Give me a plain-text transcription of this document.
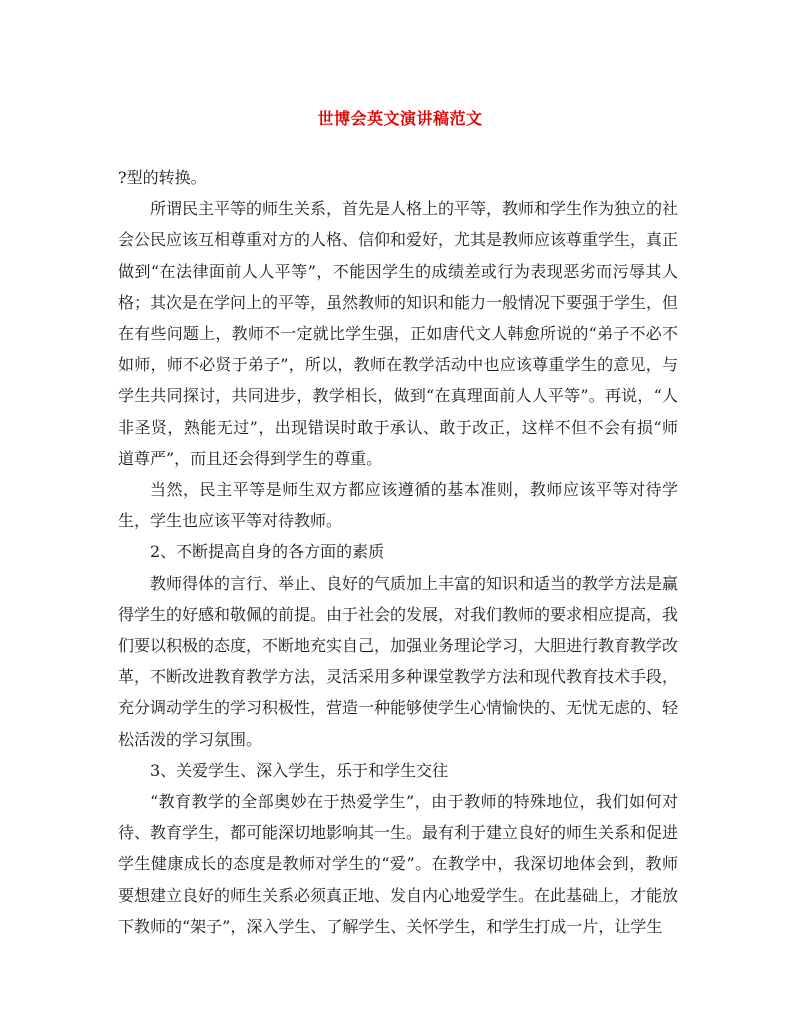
世博会英文演讲稿范文

?型的转换。

所谓民主平等的师生关系，首先是人格上的平等，教师和学生作为独立的社会公民应该互相尊重对方的人格、信仰和爱好，尤其是教师应该尊重学生，真正做到“在法律面前人人平等”，不能因学生的成绩差或行为表现恶劣而污辱其人格；其次是在学问上的平等，虽然教师的知识和能力一般情况下要强于学生，但在有些问题上，教师不一定就比学生强，正如唐代文人韩愈所说的“弟子不必不如师，师不必贤于弟子”，所以，教师在教学活动中也应该尊重学生的意见，与学生共同探讨，共同进步，教学相长，做到“在真理面前人人平等”。再说，“人非圣贤，熟能无过”，出现错误时敢于承认、敢于改正，这样不但不会有损“师道尊严”，而且还会得到学生的尊重。

当然，民主平等是师生双方都应该遵循的基本准则，教师应该平等对待学生，学生也应该平等对待教师。

2、不断提高自身的各方面的素质

教师得体的言行、举止、良好的气质加上丰富的知识和适当的教学方法是赢得学生的好感和敬佩的前提。由于社会的发展，对我们教师的要求相应提高，我们要以积极的态度，不断地充实自己，加强业务理论学习，大胆进行教育教学改革，不断改进教育教学方法，灵活采用多种课堂教学方法和现代教育技术手段，充分调动学生的学习积极性，营造一种能够使学生心情愉快的、无忧无虑的、轻松活泼的学习氛围。

3、关爱学生、深入学生，乐于和学生交往

“教育教学的全部奥妙在于热爱学生”，由于教师的特殊地位，我们如何对待、教育学生，都可能深切地影响其一生。最有利于建立良好的师生关系和促进学生健康成长的态度是教师对学生的“爱”。在教学中，我深切地体会到，教师要想建立良好的师生关系必须真正地、发自内心地爱学生。在此基础上，才能放下教师的“架子”，深入学生、了解学生、关怀学生，和学生打成一片，让学生
